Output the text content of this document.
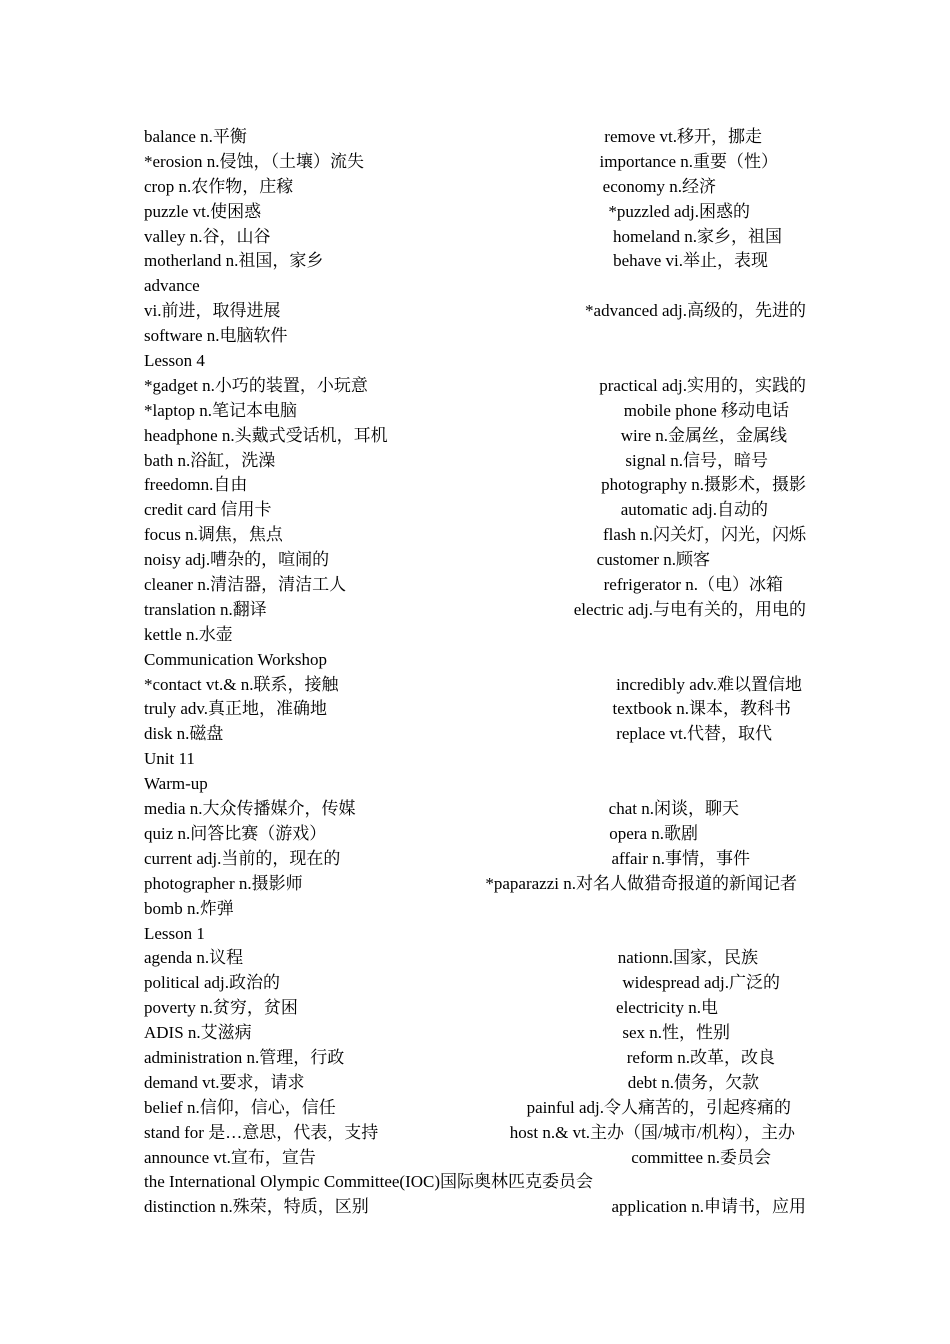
balance n.平衡	remove vt.移开，挪走
*erosion n.侵蚀，（土壤）流失	importance n.重要（性）
crop n.农作物，庄稼	economy n.经济
puzzle vt.使困惑	*puzzled adj.困惑的
valley n.谷，山谷	homeland n.家乡，祖国
motherland n.祖国，家乡	behave vi.举止，表现
advance
vi.前进，取得进展	*advanced adj.高级的，先进的
software n.电脑软件
Lesson 4
*gadget n.小巧的装置，小玩意	practical adj.实用的，实践的
*laptop n.笔记本电脑	mobile phone 移动电话
headphone n.头戴式受话机，耳机	wire n.金属丝，金属线
bath n.浴缸，洗澡	signal n.信号，暗号
freedomn.自由	photography n.摄影术，摄影
credit card 信用卡	automatic adj.自动的
focus n.调焦，焦点	flash n.闪关灯，闪光，闪烁
noisy adj.嘈杂的，喧闹的	customer n.顾客
cleaner n.清洁器，清洁工人	refrigerator n.（电）冰箱
translation n.翻译	electric adj.与电有关的，用电的
kettle n.水壶
Communication Workshop
*contact vt.& n.联系，接触	incredibly adv.难以置信地
truly adv.真正地，准确地	textbook n.课本，教科书
disk n.磁盘	replace vt.代替，取代
Unit 11
Warm-up
media n.大众传播媒介，传媒	chat n.闲谈，聊天
quiz n.问答比赛（游戏）	opera n.歌剧
current adj.当前的，现在的	affair n.事情，事件
photographer n.摄影师	*paparazzi n.对名人做猎奇报道的新闻记者
bomb n.炸弹
Lesson 1
agenda n.议程	nationn.国家，民族
political adj.政治的	widespread adj.广泛的
poverty n.贫穷，贫困	electricity n.电
ADIS n.艾滋病	sex n.性，性别
administration n.管理，行政	reform n.改革，改良
demand vt.要求，请求	debt n.债务，欠款
belief n.信仰，信心，信任	painful adj.令人痛苦的，引起疼痛的
stand for 是…意思，代表，支持	host n.& vt.主办（国/城市/机构），主办
announce vt.宣布，宣告	committee n.委员会
the International Olympic Committee(IOC)国际奥林匹克委员会
distinction n.殊荣，特质，区别	application n.申请书，应用
